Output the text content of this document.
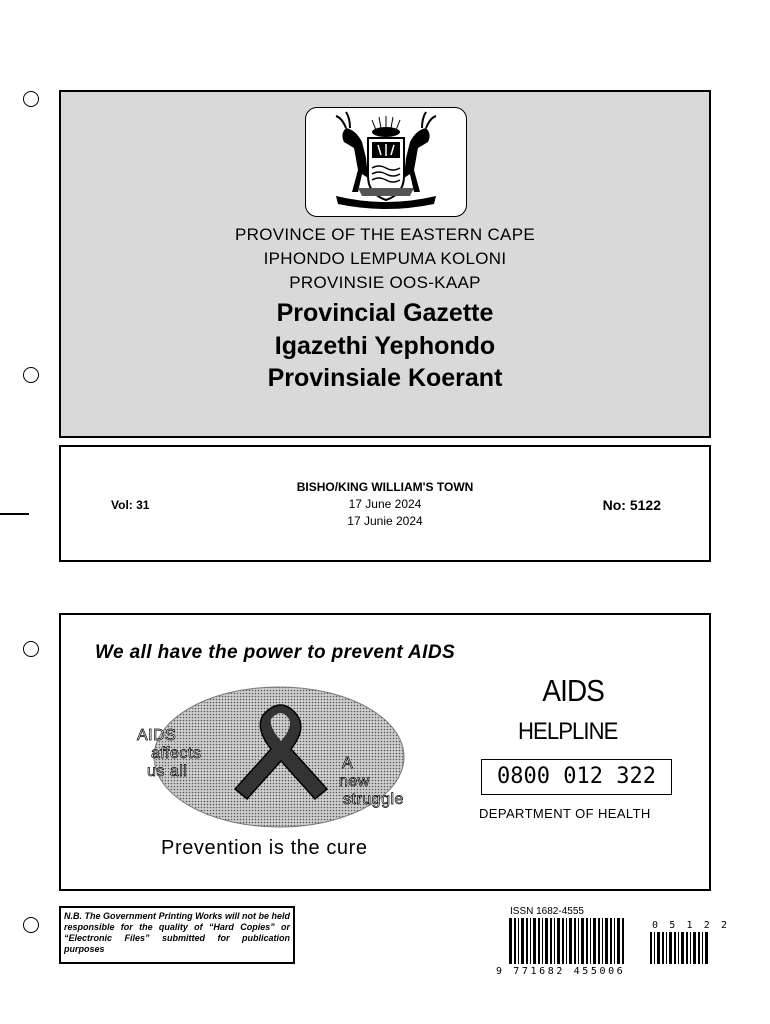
PROVINCE OF THE EASTERN CAPE
IPHONDO LEMPUMA KOLONI
PROVINSIE OOS-KAAP
Provincial Gazette
Igazethi Yephondo
Provinsiale Koerant
Vol: 31
BISHO/KING WILLIAM'S TOWN
17 June 2024
17 Junie 2024
No: 5122
We all have the power to prevent AIDS
AIDS
affects
us all	A
new
struggle
Prevention is the cure
AIDS
HELPLINE
0800 012 322
DEPARTMENT OF HEALTH
N.B. The Government Printing Works will not be held responsible for the quality of “Hard Copies” or “Electronic Files” submitted for publication purposes
ISSN 1682-4555
9 771682 455006
0 5 1 2 2
